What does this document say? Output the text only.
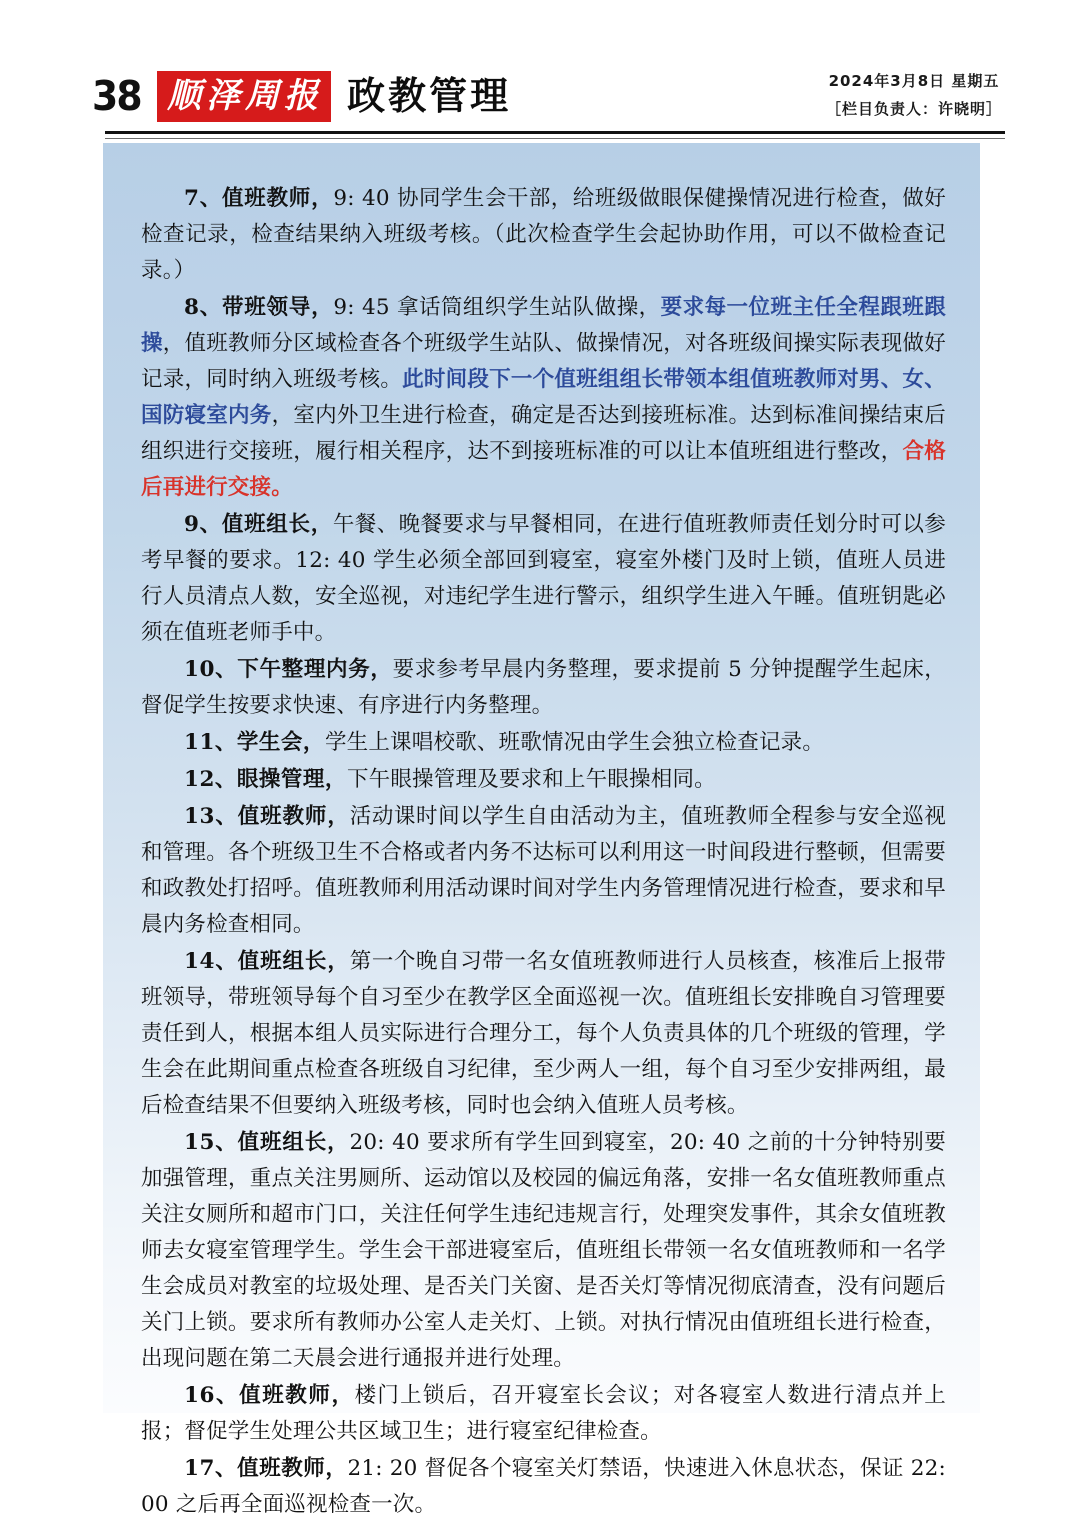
38 顺泽周报 政教管理	2024年3月8日 星期五
［栏目负责人：许晓明］

7、值班教师，9: 40 协同学生会干部，给班级做眼保健操情况进行检查，做好检查记录，检查结果纳入班级考核。（此次检查学生会起协助作用，可以不做检查记录。）

8、带班领导，9: 45 拿话筒组织学生站队做操，要求每一位班主任全程跟班跟操，值班教师分区域检查各个班级学生站队、做操情况，对各班级间操实际表现做好记录，同时纳入班级考核。此时间段下一个值班组组长带领本组值班教师对男、女、国防寝室内务，室内外卫生进行检查，确定是否达到接班标准。达到标准间操结束后组织进行交接班，履行相关程序，达不到接班标准的可以让本值班组进行整改，合格后再进行交接。

9、值班组长，午餐、晚餐要求与早餐相同，在进行值班教师责任划分时可以参考早餐的要求。12: 40 学生必须全部回到寝室，寝室外楼门及时上锁，值班人员进行人员清点人数，安全巡视，对违纪学生进行警示，组织学生进入午睡。值班钥匙必须在值班老师手中。

10、下午整理内务，要求参考早晨内务整理，要求提前 5 分钟提醒学生起床，督促学生按要求快速、有序进行内务整理。

11、学生会，学生上课唱校歌、班歌情况由学生会独立检查记录。

12、眼操管理，下午眼操管理及要求和上午眼操相同。

13、值班教师，活动课时间以学生自由活动为主，值班教师全程参与安全巡视和管理。各个班级卫生不合格或者内务不达标可以利用这一时间段进行整顿，但需要和政教处打招呼。值班教师利用活动课时间对学生内务管理情况进行检查，要求和早晨内务检查相同。

14、值班组长，第一个晚自习带一名女值班教师进行人员核查，核准后上报带班领导，带班领导每个自习至少在教学区全面巡视一次。值班组长安排晚自习管理要责任到人，根据本组人员实际进行合理分工，每个人负责具体的几个班级的管理，学生会在此期间重点检查各班级自习纪律，至少两人一组，每个自习至少安排两组，最后检查结果不但要纳入班级考核，同时也会纳入值班人员考核。

15、值班组长，20: 40 要求所有学生回到寝室，20: 40 之前的十分钟特别要加强管理，重点关注男厕所、运动馆以及校园的偏远角落，安排一名女值班教师重点关注女厕所和超市门口，关注任何学生违纪违规言行，处理突发事件，其余女值班教师去女寝室管理学生。学生会干部进寝室后，值班组长带领一名女值班教师和一名学生会成员对教室的垃圾处理、是否关门关窗、是否关灯等情况彻底清查，没有问题后关门上锁。要求所有教师办公室人走关灯、上锁。对执行情况由值班组长进行检查，出现问题在第二天晨会进行通报并进行处理。

16、值班教师，楼门上锁后，召开寝室长会议；对各寝室人数进行清点并上报；督促学生处理公共区域卫生；进行寝室纪律检查。

17、值班教师，21: 20 督促各个寝室关灯禁语，快速进入休息状态，保证 22: 00 之后再全面巡视检查一次。
